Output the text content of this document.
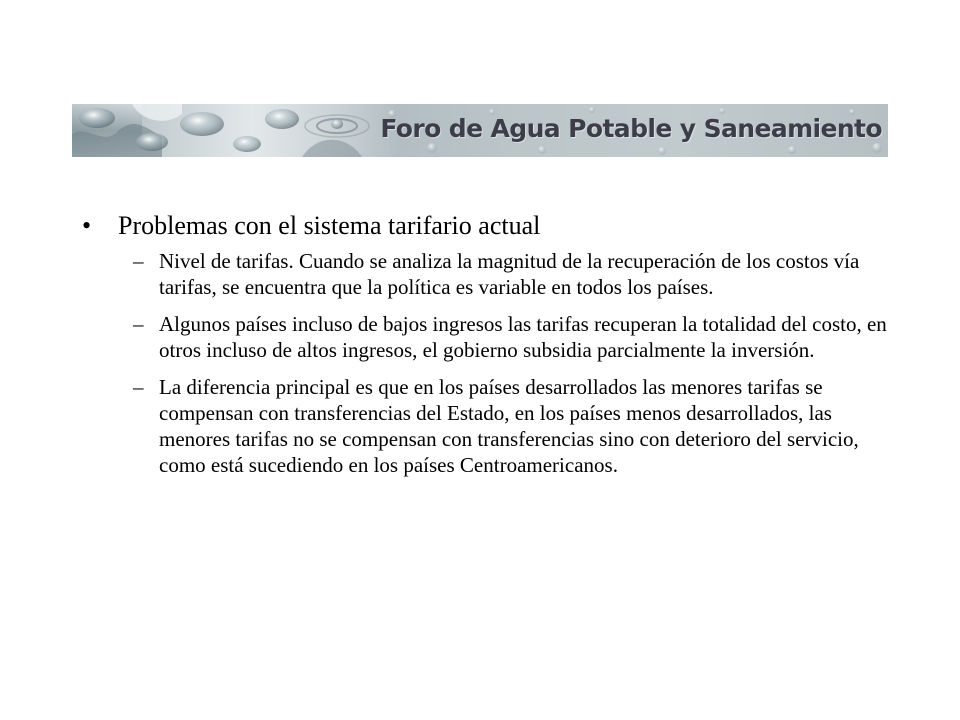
Foro de Agua Potable y Saneamiento
•	Problemas con el sistema tarifario actual
– Nivel de tarifas. Cuando se analiza la magnitud de la recuperación de los costos vía tarifas, se encuentra que la política es variable en todos los países.
– Algunos países incluso de bajos ingresos las tarifas recuperan la totalidad del costo, en otros incluso de altos ingresos, el gobierno subsidia parcialmente la inversión.
– La diferencia principal es que en los países desarrollados las menores tarifas se compensan con transferencias del Estado, en los países menos desarrollados, las menores tarifas no se compensan con transferencias sino con deterioro del servicio, como está sucediendo en los países Centroamericanos.
